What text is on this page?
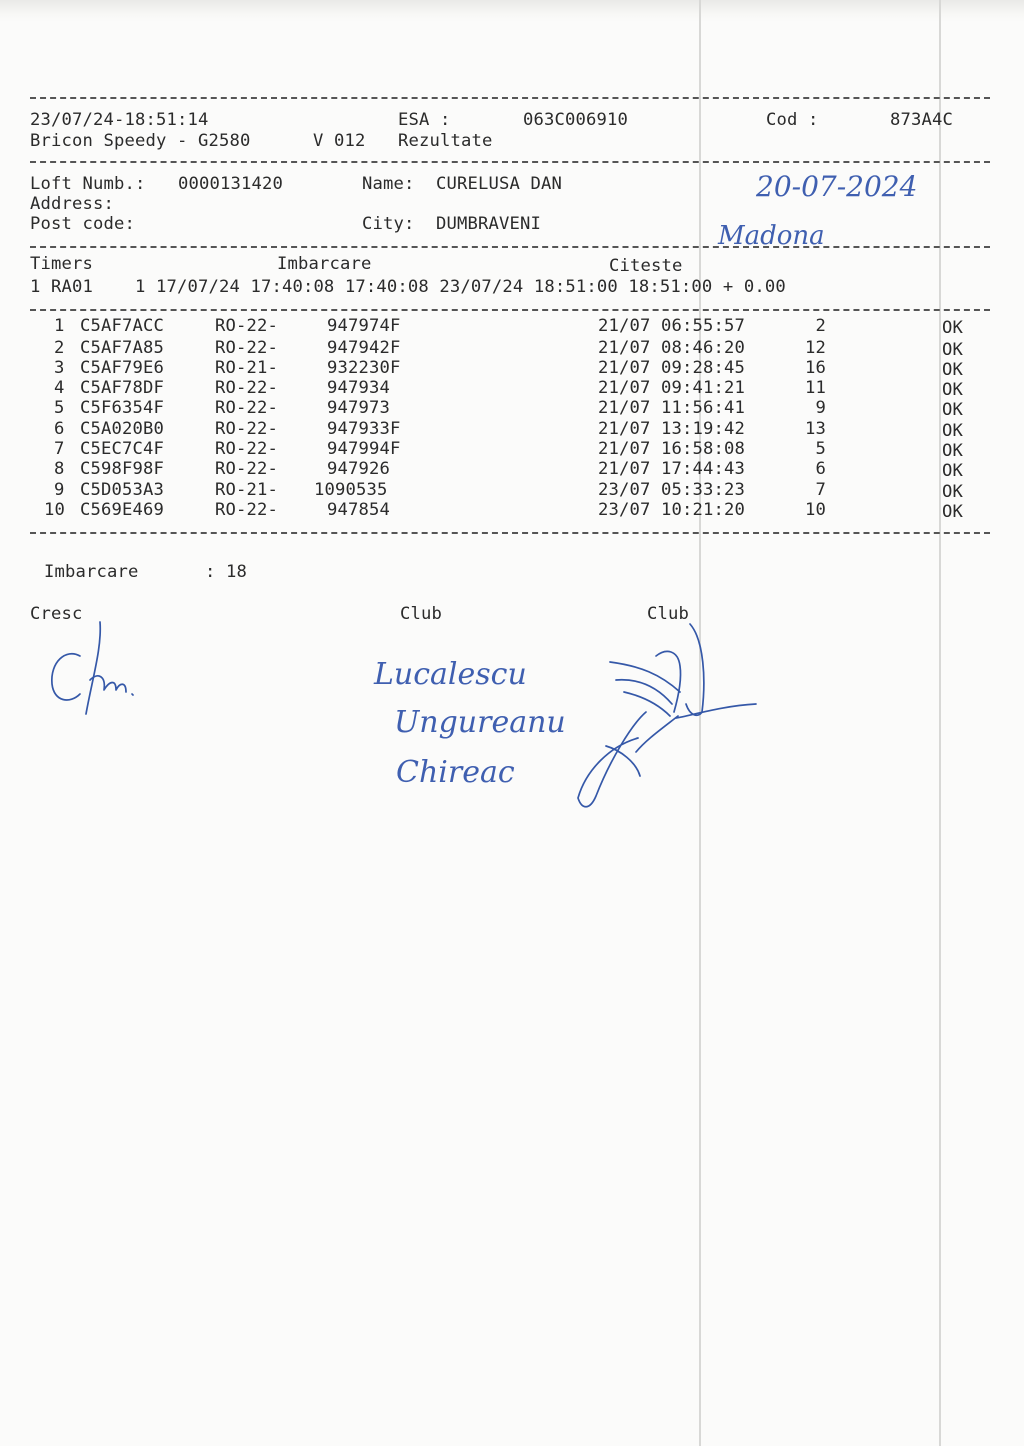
23/07/24-18:51:14	ESA :	063C006910	Cod :	873A4C
Bricon Speedy - G2580	V 012 Rezultate
Loft Numb.: 0000131420	Name: CURELUSA DAN
Address:
Post code:	City: DUMBRAVENI
20-07-2024
Madona
Timers	Imbarcare	Citeste
1 RA01    1 17/07/24 17:40:08 17:40:08 23/07/24 18:51:00 18:51:00 + 0.00
1 C5AF7ACC	RO-22-	947974F	21/07 06:55:57	2	OK
2 C5AF7A85	RO-22-	947942F	21/07 08:46:20	12	OK
3 C5AF79E6	RO-21-	932230F	21/07 09:28:45	16	OK
4 C5AF78DF	RO-22-	947934	21/07 09:41:21	11	OK
5 C5F6354F	RO-22-	947973	21/07 11:56:41	9	OK
6 C5A020B0	RO-22-	947933F	21/07 13:19:42	13	OK
7 C5EC7C4F	RO-22-	947994F	21/07 16:58:08	5	OK
8 C598F98F	RO-22-	947926	21/07 17:44:43	6	OK
9 C5D053A3	RO-21- 1090535	23/07 05:33:23	7	OK
10 C569E469	RO-22-	947854	23/07 10:21:20	10	OK
Imbarcare	: 18
Cresc	Club	Club
Lucalescu
Ungureanu
Chireac
